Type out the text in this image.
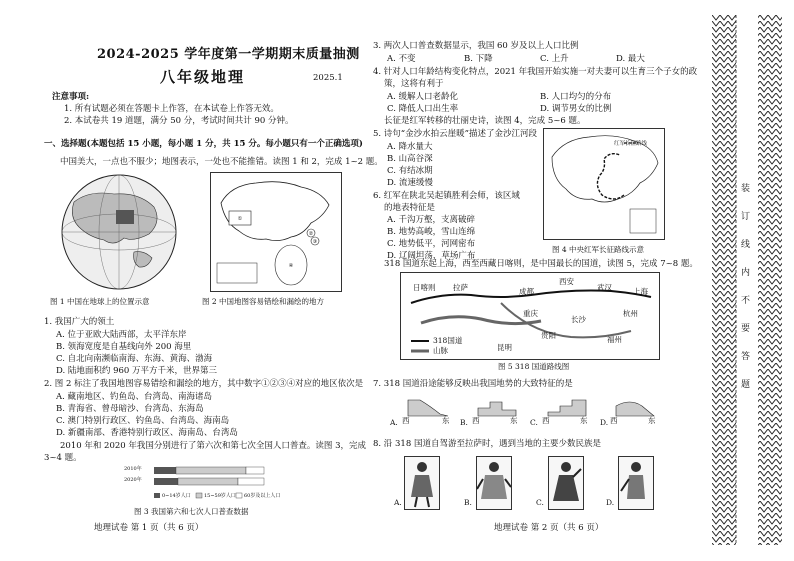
2024-2025 学年度第一学期期末质量抽测
八年级地理	2025.1
注意事项:
1. 所有试题必须在答题卡上作答，在本试卷上作答无效。
2. 本试卷共 19 道题，满分 50 分，考试时间共计 90 分钟。
一、选择题(本题包括 15 小题，每小题 1 分，共 15 分。每小题只有一个正确选项)
中国美大，一点也不服少；地图表示，一处也不能推错。读图 1 和 2，完成 1~2 题。
图 1 中国在地球上的位置示意
①
②
③
④
图 2 中国地图容易错绘和漏绘的地方
1. 我国广大的领土
A. 位于亚欧大陆西部，太平洋东岸
B. 领海宽度是自基线向外 200 海里
C. 自北向南濒临南海、东海、黄海、渤海
D. 陆地面积约 960 万平方千米，世界第三
2. 图 2 标注了我国地图容易错绘和漏绘的地方，其中数字①②③④对应的地区依次是
A. 藏南地区、钓鱼岛、台湾岛、南海诸岛
B. 青海省、曾母暗沙、台湾岛、东海岛
C. 澳门特别行政区、钓鱼岛、台湾岛、海南岛
D. 新疆南部、香港特别行政区、海南岛、台湾岛
2010 年和 2020 年我国分别进行了第六次和第七次全国人口普查。读图 3，完成
3~4 题。
2010年
2020年
0~14岁人口	15~59岁人口 60岁及以上人口
图 3 我国第六和七次人口普查数据
地理试卷 第 1 页（共 6 页）
3. 两次人口普查数据显示，我国 60 岁及以上人口比例
A. 不变	B. 下降	C. 上升	D. 最大
4. 针对人口年龄结构变化特点，2021 年我国开始实施一对夫妻可以生育三个子女的政
策，这将有利于
A. 缓解人口老龄化	B. 人口均匀的分布
C. 降低人口出生率	D. 调节男女的比例
长征是红军转移的壮丽史诗，读图 4，完成 5~6 题。
5. 诗句“金沙水拍云崖暖”描述了金沙江河段
A. 降水量大
B. 山高谷深
C. 有结冰期
D. 流速缓慢
6. 红军在陕北吴起镇胜利会师，该区域
的地表特征是
A. 千沟万壑，支离破碎
B. 地势高峻，雪山连绵
C. 地势低平，河网密布
D. 辽阔坦荡，草场广布
红军长征路线
图 4 中央红军长征路线示意
318 国道东起上海，西至西藏日喀则，是中国最长的国道，读图 5，完成 7~8 题。
日喀则 拉萨	成都
西安
武汉	上海
重庆
长沙
杭州
昆明
贵阳	福州
318国道
山脉
图 5 318 国道路线图
7. 318 国道沿途能够反映出我国地势的大致特征的是
A. 西	东 B. 西	东 C. 西	东 D. 西	东
8. 沿 318 国道自驾游至拉萨时，遇到当地的主要少数民族是
A.	B.	C.	D.
地理试卷 第 2 页（共 6 页）
装
订
线
内
不
要
答
题
